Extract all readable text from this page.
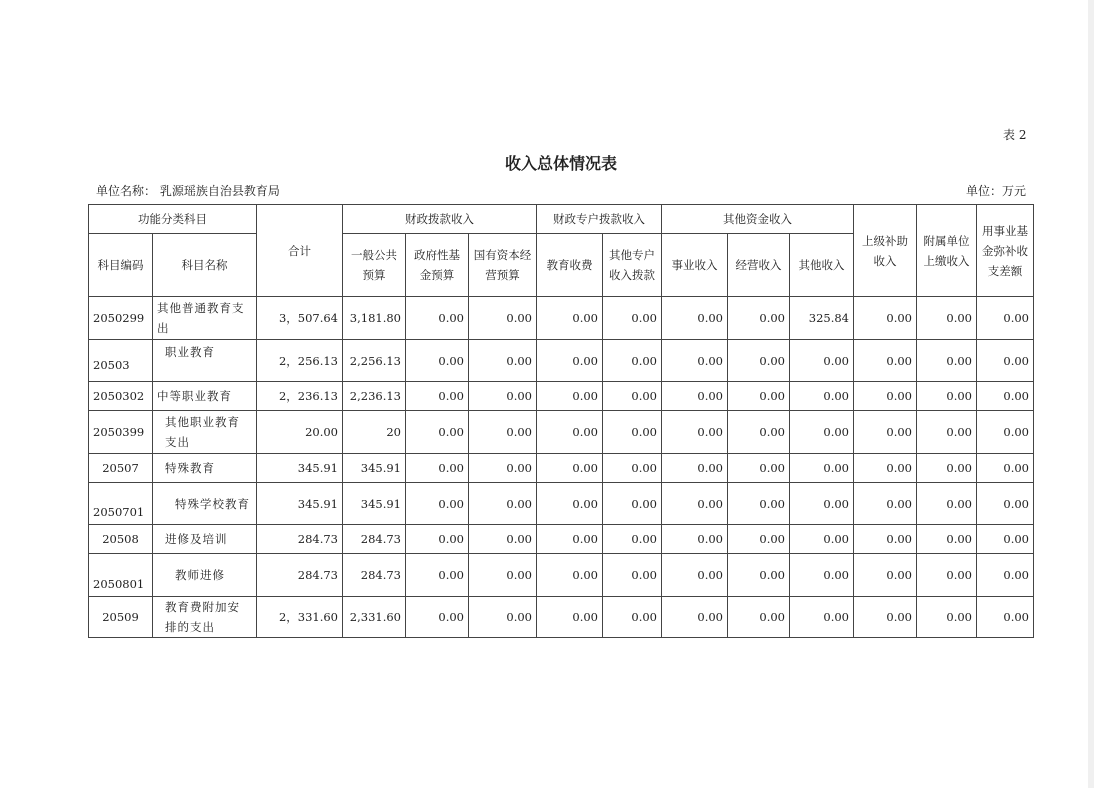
表 2
收入总体情况表
单位名称： 乳源瑶族自治县教育局	单位：万元
功能分类科目		合计	财政拨款收入			财政专户拨款收入		其他资金收入			上级补助收入	附属单位上缴收入	用事业基金弥补收支差额
科目编码	科目名称		一般公共预算	政府性基金预算	国有资本经营预算	教育收费	其他专户收入拨款	事业收入	经营收入	其他收入			
2050299	其他普通教育支出	3，507.64	3,181.80	0.00	0.00	0.00	0.00	0.00	0.00	325.84	0.00	0.00	0.00
20503	职业教育	2，256.13	2,256.13	0.00	0.00	0.00	0.00	0.00	0.00	0.00	0.00	0.00	0.00
2050302	中等职业教育	2，236.13	2,236.13	0.00	0.00	0.00	0.00	0.00	0.00	0.00	0.00	0.00	0.00
2050399	其他职业教育支出	20.00	20	0.00	0.00	0.00	0.00	0.00	0.00	0.00	0.00	0.00	0.00
20507	特殊教育	345.91	345.91	0.00	0.00	0.00	0.00	0.00	0.00	0.00	0.00	0.00	0.00
2050701	特殊学校教育	345.91	345.91	0.00	0.00	0.00	0.00	0.00	0.00	0.00	0.00	0.00	0.00
20508	进修及培训	284.73	284.73	0.00	0.00	0.00	0.00	0.00	0.00	0.00	0.00	0.00	0.00
2050801	教师进修	284.73	284.73	0.00	0.00	0.00	0.00	0.00	0.00	0.00	0.00	0.00	0.00
20509	教育费附加安排的支出	2，331.60	2,331.60	0.00	0.00	0.00	0.00	0.00	0.00	0.00	0.00	0.00	0.00
